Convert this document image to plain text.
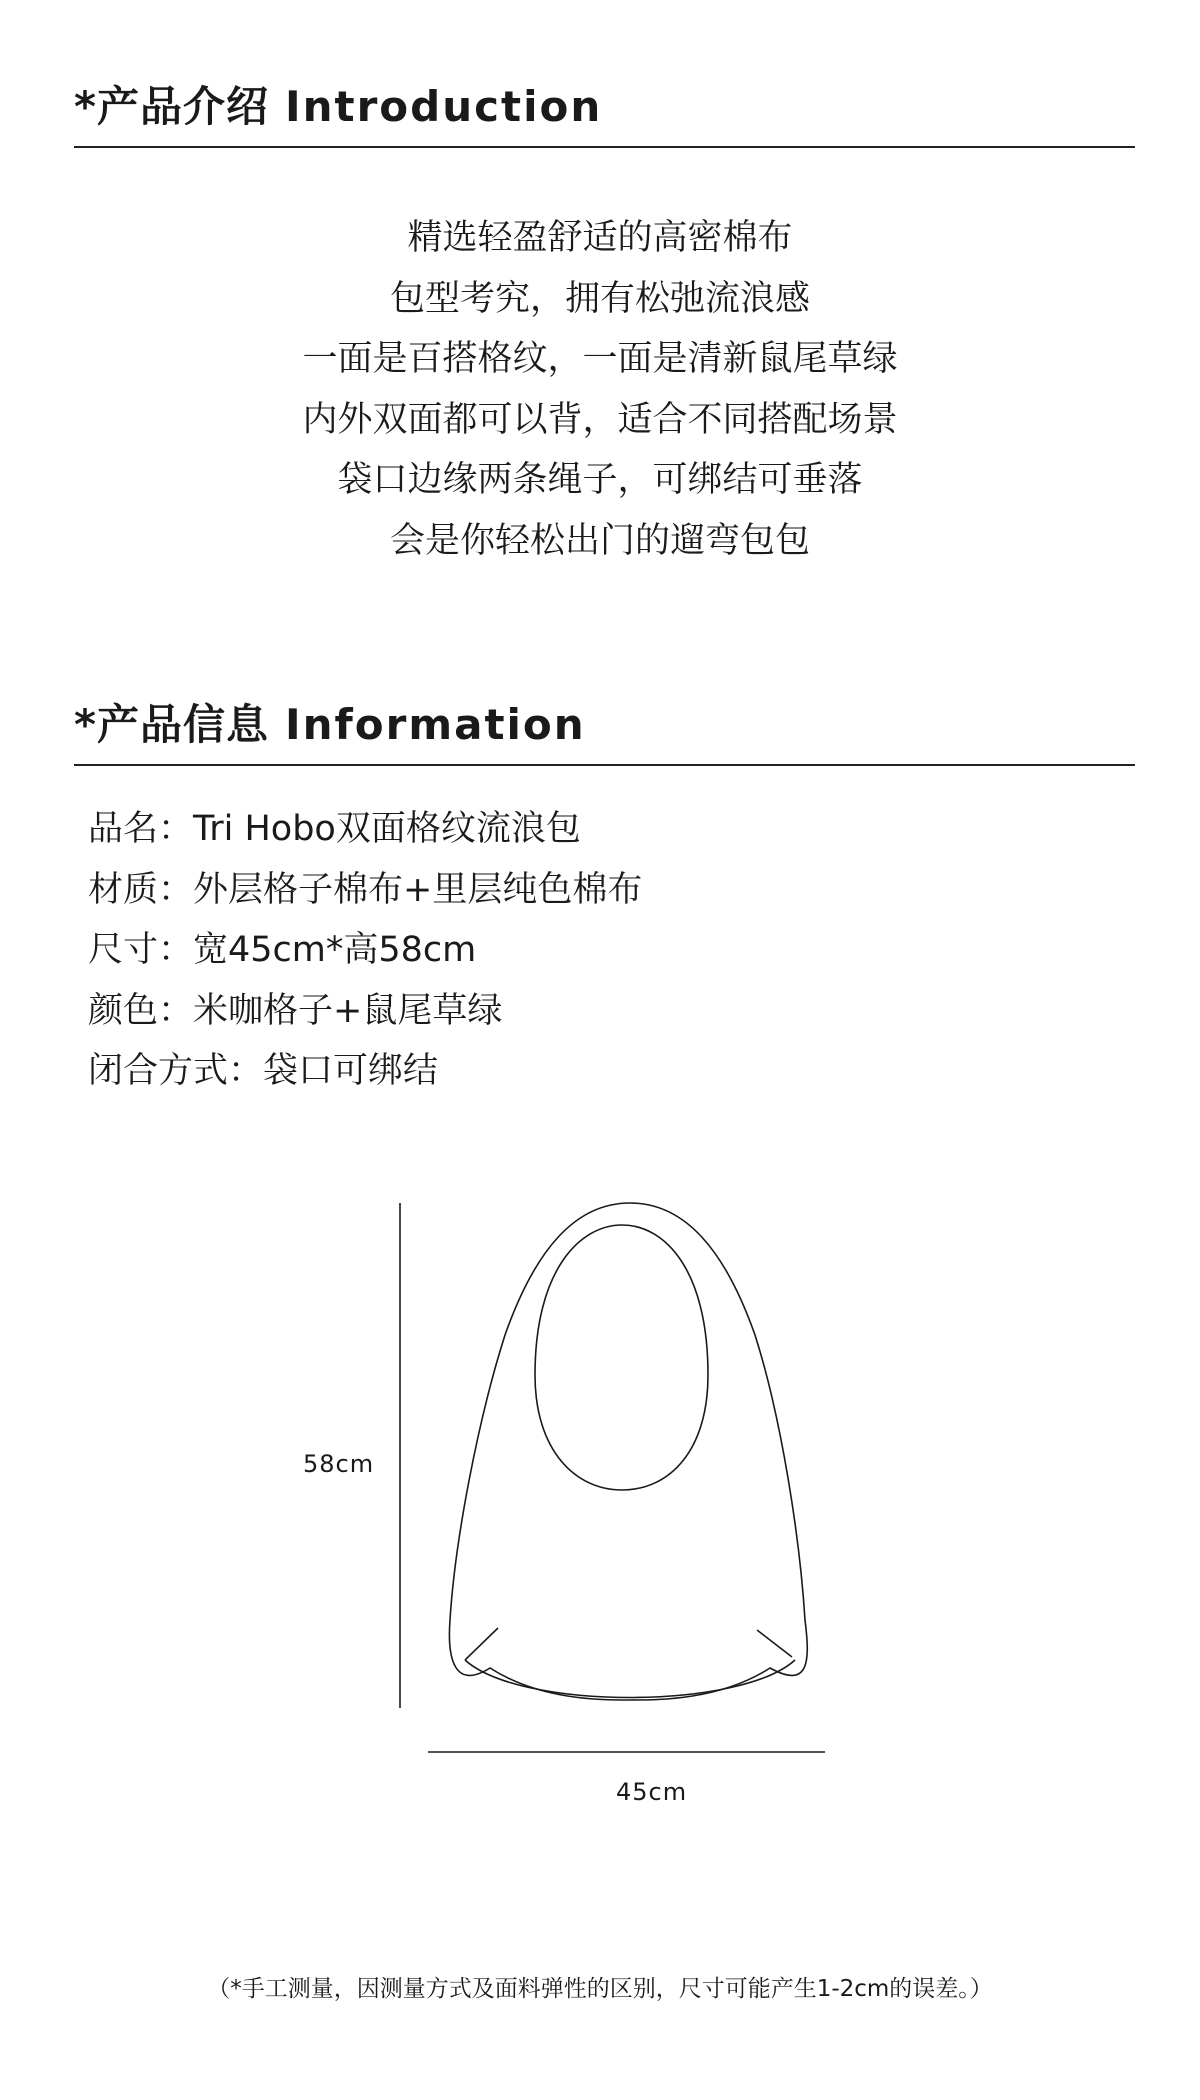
*产品介绍 Introduction

精选轻盈舒适的高密棉布

包型考究，拥有松弛流浪感

一面是百搭格纹，一面是清新鼠尾草绿

内外双面都可以背，适合不同搭配场景

袋口边缘两条绳子，可绑结可垂落

会是你轻松出门的遛弯包包

*产品信息 Information

品名：Tri Hobo双面格纹流浪包

材质：外层格子棉布+里层纯色棉布

尺寸：宽45cm*高58cm

颜色：米咖格子+鼠尾草绿

闭合方式：袋口可绑结

58cm
45cm
（*手工测量，因测量方式及面料弹性的区别，尺寸可能产生1-2cm的误差。）
